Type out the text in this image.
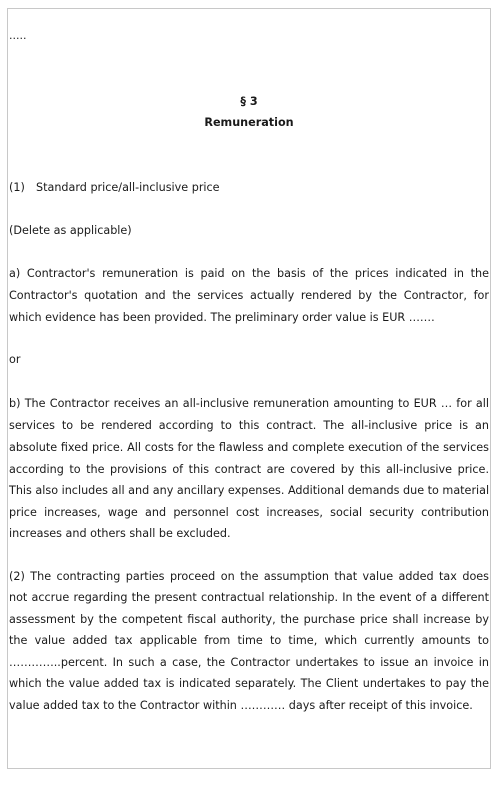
.....

§ 3

Remuneration

(1) Standard price/all-inclusive price

(Delete as applicable)

a) Contractor's remuneration is paid on the basis of the prices indicated in the

Contractor's quotation and the services actually rendered by the Contractor, for

which evidence has been provided. The preliminary order value is EUR …….

or

b) The Contractor receives an all-inclusive remuneration amounting to EUR … for all

services to be rendered according to this contract. The all-inclusive price is an

absolute fixed price. All costs for the flawless and complete execution of the services

according to the provisions of this contract are covered by this all-inclusive price.

This also includes all and any ancillary expenses. Additional demands due to material

price increases, wage and personnel cost increases, social security contribution

increases and others shall be excluded.

(2) The contracting parties proceed on the assumption that value added tax does

not accrue regarding the present contractual relationship. In the event of a different

assessment by the competent fiscal authority, the purchase price shall increase by

the value added tax applicable from time to time, which currently amounts to

…………..percent. In such a case, the Contractor undertakes to issue an invoice in

which the value added tax is indicated separately. The Client undertakes to pay the

value added tax to the Contractor within ………… days after receipt of this invoice.
